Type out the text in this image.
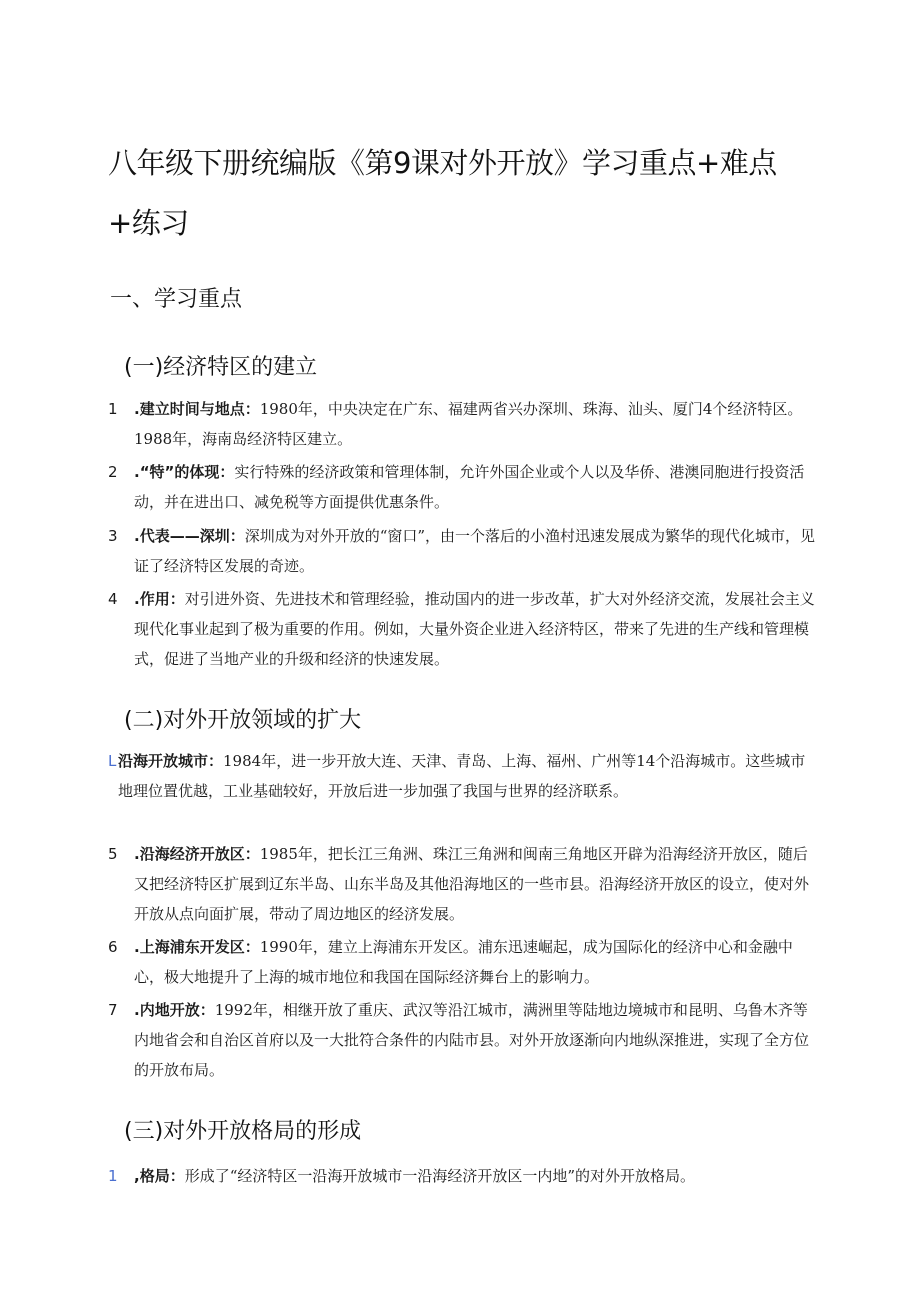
八年级下册统编版《第9课对外开放》学习重点+难点
+练习
一、学习重点
(一)经济特区的建立
1	.建立时间与地点：1980年，中央决定在广东、福建两省兴办深圳、珠海、汕头、厦门4个经济特区。1988年，海南岛经济特区建立。
2	.“特”的体现：实行特殊的经济政策和管理体制，允许外国企业或个人以及华侨、港澳同胞进行投资活动，并在进出口、减免税等方面提供优惠条件。
3	.代表——深圳：深圳成为对外开放的“窗口”，由一个落后的小渔村迅速发展成为繁华的现代化城市，见证了经济特区发展的奇迹。
4	.作用：对引进外资、先进技术和管理经验，推动国内的进一步改革，扩大对外经济交流，发展社会主义现代化事业起到了极为重要的作用。例如，大量外资企业进入经济特区，带来了先进的生产线和管理模式，促进了当地产业的升级和经济的快速发展。
(二)对外开放领域的扩大
L 沿海开放城市：1984年，进一步开放大连、天津、青岛、上海、福州、广州等14个沿海城市。这些城市地理位置优越，工业基础较好，开放后进一步加强了我国与世界的经济联系。
5	.沿海经济开放区：1985年，把长江三角洲、珠江三角洲和闽南三角地区开辟为沿海经济开放区，随后又把经济特区扩展到辽东半岛、山东半岛及其他沿海地区的一些市县。沿海经济开放区的设立，使对外开放从点向面扩展，带动了周边地区的经济发展。
6	.上海浦东开发区：1990年，建立上海浦东开发区。浦东迅速崛起，成为国际化的经济中心和金融中心，极大地提升了上海的城市地位和我国在国际经济舞台上的影响力。
7	.内地开放：1992年，相继开放了重庆、武汉等沿江城市，满洲里等陆地边境城市和昆明、乌鲁木齐等内地省会和自治区首府以及一大批符合条件的内陆市县。对外开放逐渐向内地纵深推进，实现了全方位的开放布局。
(三)对外开放格局的形成
1	,格局：形成了“经济特区一沿海开放城市一沿海经济开放区一内地”的对外开放格局。
